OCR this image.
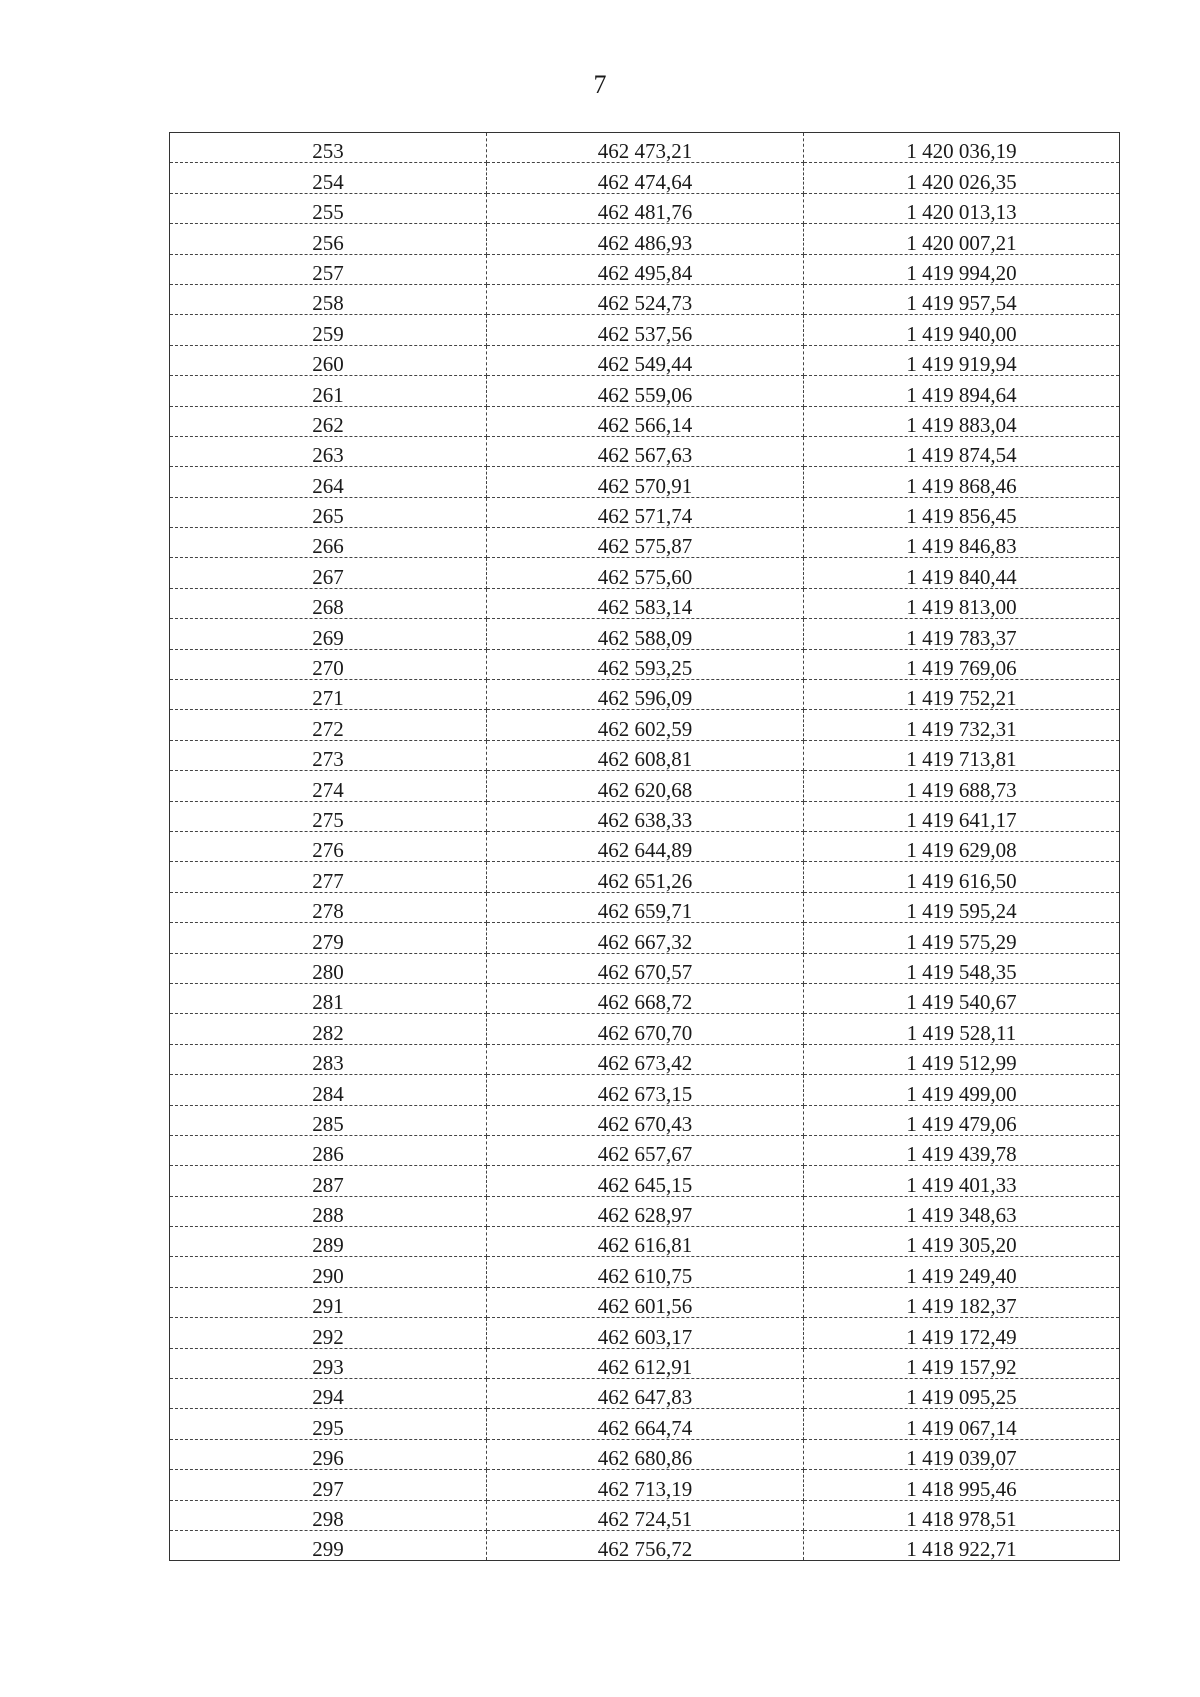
7
253	462 473,21	1 420 036,19
254	462 474,64	1 420 026,35
255	462 481,76	1 420 013,13
256	462 486,93	1 420 007,21
257	462 495,84	1 419 994,20
258	462 524,73	1 419 957,54
259	462 537,56	1 419 940,00
260	462 549,44	1 419 919,94
261	462 559,06	1 419 894,64
262	462 566,14	1 419 883,04
263	462 567,63	1 419 874,54
264	462 570,91	1 419 868,46
265	462 571,74	1 419 856,45
266	462 575,87	1 419 846,83
267	462 575,60	1 419 840,44
268	462 583,14	1 419 813,00
269	462 588,09	1 419 783,37
270	462 593,25	1 419 769,06
271	462 596,09	1 419 752,21
272	462 602,59	1 419 732,31
273	462 608,81	1 419 713,81
274	462 620,68	1 419 688,73
275	462 638,33	1 419 641,17
276	462 644,89	1 419 629,08
277	462 651,26	1 419 616,50
278	462 659,71	1 419 595,24
279	462 667,32	1 419 575,29
280	462 670,57	1 419 548,35
281	462 668,72	1 419 540,67
282	462 670,70	1 419 528,11
283	462 673,42	1 419 512,99
284	462 673,15	1 419 499,00
285	462 670,43	1 419 479,06
286	462 657,67	1 419 439,78
287	462 645,15	1 419 401,33
288	462 628,97	1 419 348,63
289	462 616,81	1 419 305,20
290	462 610,75	1 419 249,40
291	462 601,56	1 419 182,37
292	462 603,17	1 419 172,49
293	462 612,91	1 419 157,92
294	462 647,83	1 419 095,25
295	462 664,74	1 419 067,14
296	462 680,86	1 419 039,07
297	462 713,19	1 418 995,46
298	462 724,51	1 418 978,51
299	462 756,72	1 418 922,71
